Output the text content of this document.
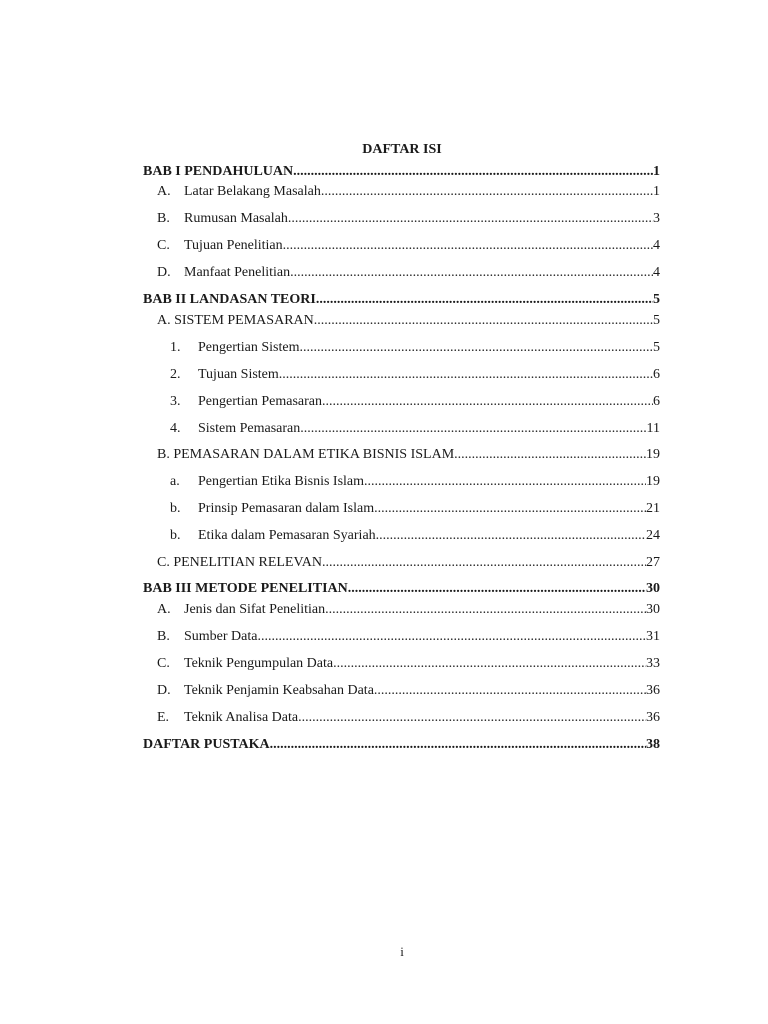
DAFTAR ISI
BAB I PENDAHULUAN .....	1
A. Latar Belakang Masalah .....	1
B.	Rumusan Masalah .....	3
C.	Tujuan Penelitian .....	4
D. Manfaat Penelitian .....	4
BAB II LANDASAN TEORI .....	5
A. SISTEM PEMASARAN .....	5
1.	Pengertian Sistem .....	5
2.	Tujuan Sistem .....	6
3.	Pengertian Pemasaran .....	6
4.	Sistem Pemasaran .....	11
B. PEMASARAN DALAM ETIKA BISNIS ISLAM .....	19
a.	Pengertian Etika Bisnis Islam .....	19
b.	Prinsip Pemasaran dalam Islam .....	21
b.	Etika dalam Pemasaran Syariah .....	24
C. PENELITIAN RELEVAN .....	27
BAB III METODE PENELITIAN .....	30
A. Jenis dan Sifat Penelitian .....	30
B.	Sumber Data .....	31
C.	Teknik Pengumpulan Data .....	33
D. Teknik Penjamin Keabsahan Data .....	36
E.	Teknik Analisa Data .....	36
DAFTAR PUSTAKA .....	38
i
